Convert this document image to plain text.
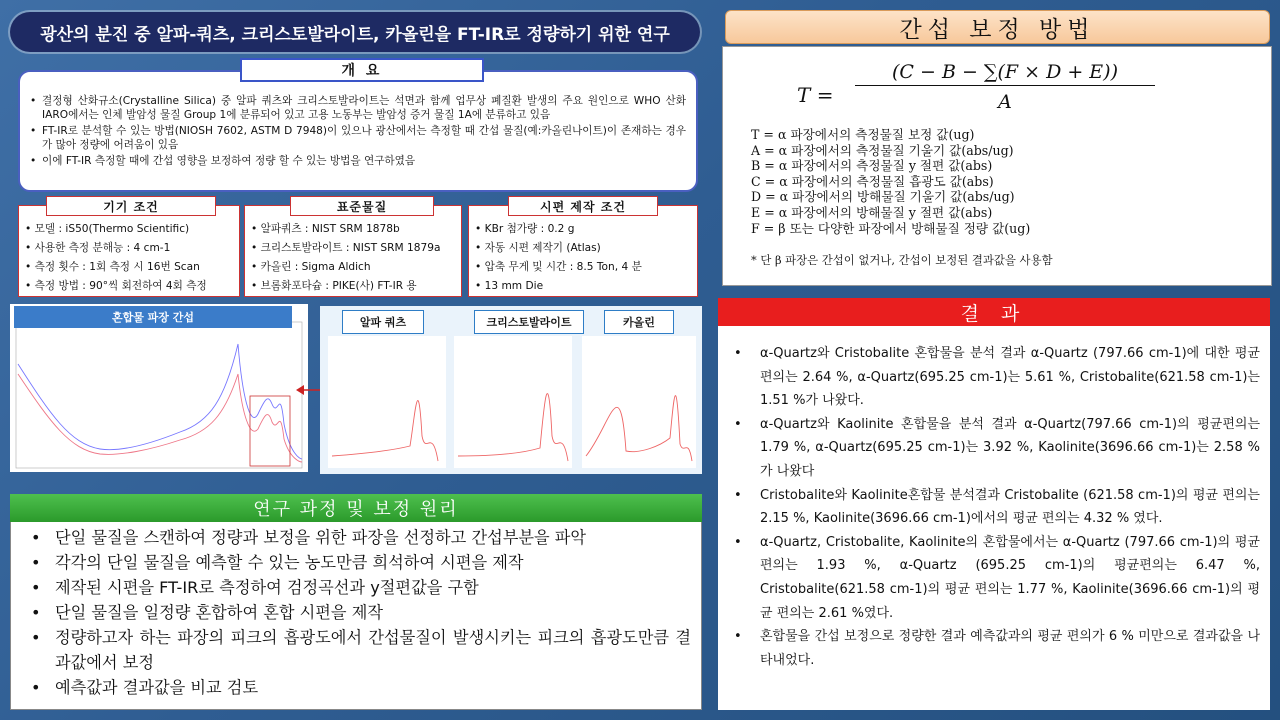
광산의 분진 중 알파-쿼츠, 크리스토발라이트, 카올린을 FT-IR로 정량하기 위한 연구
• 결정형 산화규소(Crystalline Silica) 중 알파 쿼츠와 크리스토발라이트는 석면과 함께 업무상 폐질환 발생의 주요 원인으로 WHO 산화 IARO에서는 인체 발암성 물질 Group 1에 분류되어 있고 고용 노동부는 발암성 증거 물질 1A에 분류하고 있음
• FT-IR로 분석할 수 있는 방법(NIOSH 7602, ASTM D 7948)이 있으나 광산에서는 측정할 때 간섭 물질(예:카올린나이트)이 존재하는 경우가 많아 정량에 어려움이 있음
• 이에 FT-IR 측정할 때에 간섭 영향을 보정하여 정량 할 수 있는 방법을 연구하였음
개 요
• 모델 : iS50(Thermo Scientific)
• 사용한 측정 분해능 : 4 cm-1
• 측정 횟수 : 1회 측정 시 16번 Scan
• 측정 방법 : 90°씩 회전하여 4회 측정
기기 조건
• 알파쿼츠 : NIST SRM 1878b
• 크리스토발라이트 : NIST SRM 1879a
• 카올린 : Sigma Aldich
• 브롬화포타슘 : PIKE(사) FT-IR 용
표준물질
• KBr 첨가량 : 0.2 g
• 자동 시편 제작기 (Atlas)
• 압축 무게 및 시간 : 8.5 Ton, 4 분
• 13 mm Die
시편 제작 조건
혼합물 파장 간섭	알파 쿼츠	크리스토발라이트	카올린
• 단일 물질을 스캔하여 정량과 보정을 위한 파장을 선정하고 간섭부분을 파악
• 각각의 단일 물질을 예측할 수 있는 농도만큼 희석하여 시편을 제작
• 제작된 시편을 FT-IR로 측정하여 검정곡선과 y절편값을 구함
• 단일 물질을 일정량 혼합하여 혼합 시편을 제작
• 정량하고자 하는 파장의 피크의 흡광도에서 간섭물질이 발생시키는 피크의 흡광도만큼 결과값에서 보정
• 예측값과 결과값을 비교 검토
연구 과정 및 보정 원리
간섭 보정 방법
T =
(C − B − ∑(F × D + E))
A
T = α 파장에서의 측정물질 보정 값(ug)
A = α 파장에서의 측정물질 기울기 값(abs/ug)
B = α 파장에서의 측정물질 y 절편 값(abs)
C = α 파장에서의 측정물질 흡광도 값(abs)
D = α 파장에서의 방해물질 기울기 값(abs/ug)
E = α 파장에서의 방해물질 y 절편 값(abs)
F = β 또는 다양한 파장에서 방해물질 정량 값(ug)
* 단 β 파장은 간섭이 없거나, 간섭이 보정된 결과값을 사용함
• α-Quartz와 Cristobalite 혼합물을 분석 결과 α-Quartz (797.66 cm-1)에 대한 평균 편의는 2.64 %, α-Quartz(695.25 cm-1)는 5.61 %, Cristobalite(621.58 cm-1)는 1.51 %가 나왔다.
• α-Quartz와 Kaolinite 혼합물을 분석 결과 α-Quartz(797.66 cm-1)의 평균편의는 1.79 %, α-Quartz(695.25 cm-1)는 3.92 %, Kaolinite(3696.66 cm-1)는 2.58 %가 나왔다
• Cristobalite와 Kaolinite혼합물 분석결과 Cristobalite (621.58 cm-1)의 평균 편의는 2.15 %, Kaolinite(3696.66 cm-1)에서의 평균 편의는 4.32 % 였다.
• α-Quartz, Cristobalite, Kaolinite의 혼합물에서는 α-Quartz (797.66 cm-1)의 평균편의는 1.93 %, α-Quartz (695.25 cm-1)의 평균편의는 6.47 %, Cristobalite(621.58 cm-1)의 평균 편의는 1.77 %, Kaolinite(3696.66 cm-1)의 평균 편의는 2.61 %였다.
• 혼합물을 간섭 보정으로 정량한 결과 예측값과의 평균 편의가 6 % 미만으로 결과값을 나타내었다.
결 과
